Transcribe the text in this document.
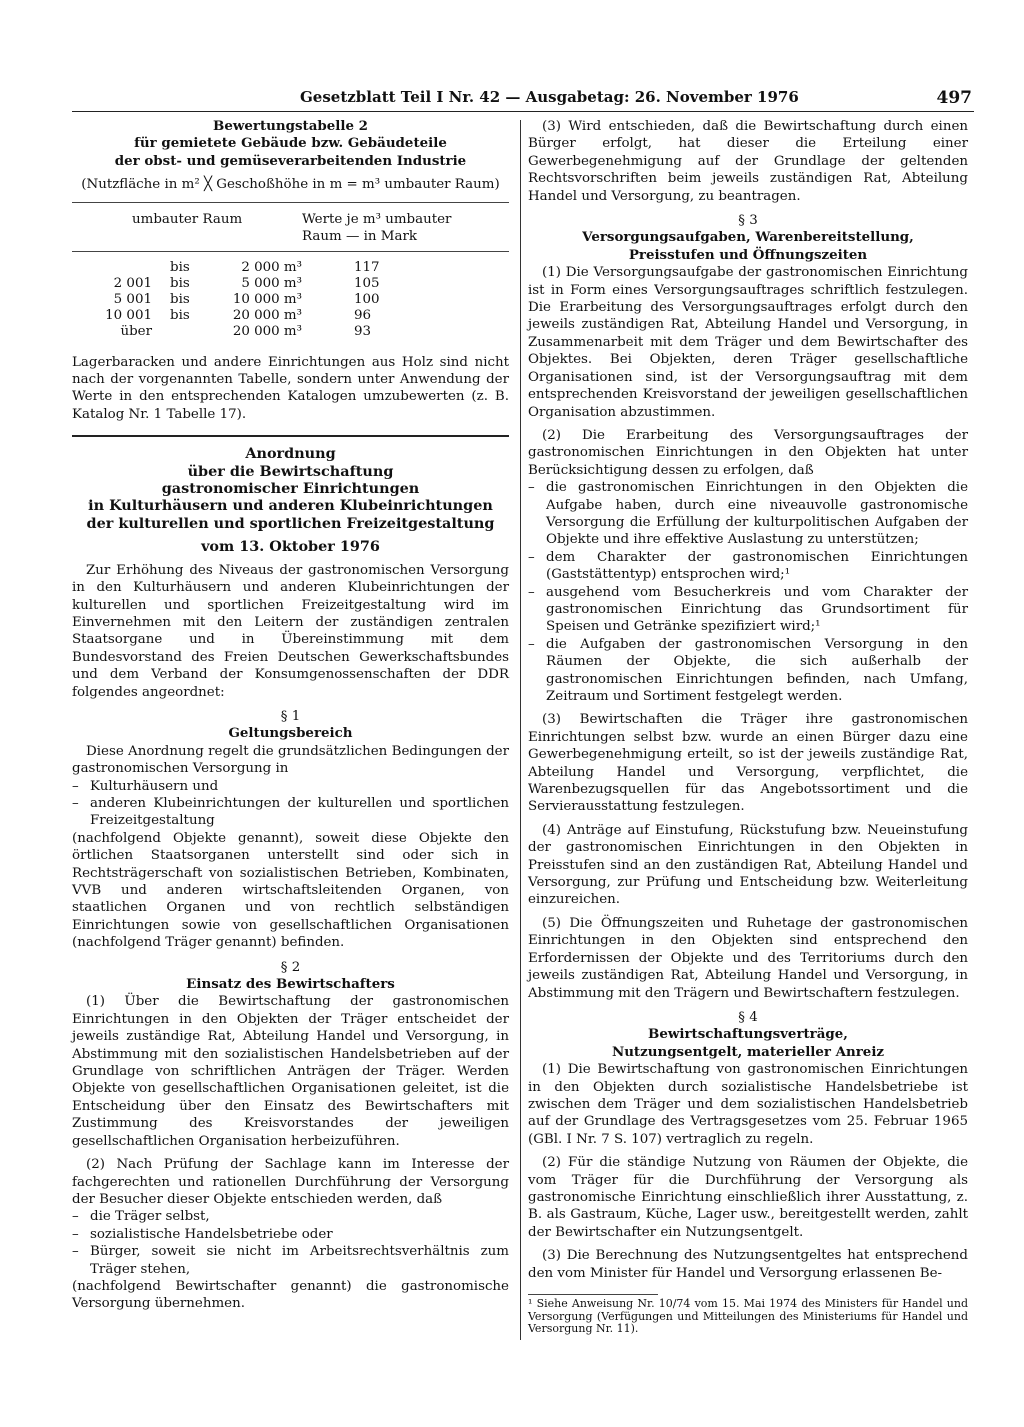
Gesetzblatt Teil I Nr. 42 — Ausgabetag: 26. November 1976	497

Bewertungstabelle 2

für gemietete Gebäude bzw. Gebäudeteile

der obst- und gemüseverarbeitenden Industrie

(Nutzfläche in m² ╳ Geschoßhöhe in m = m³ umbauter Raum)

umbauter Raum			Werte je m³ umbauter
Raum — in Mark

	bis	2 000 m³	117
2 001	bis	5 000 m³	105
5 001	bis	10 000 m³	100
10 001	bis	20 000 m³	96
über		20 000 m³	93

Lagerbaracken und andere Einrichtungen aus Holz sind nicht nach der vorgenannten Tabelle, sondern unter Anwendung der Werte in den entsprechenden Katalogen umzubewerten (z. B. Katalog Nr. 1 Tabelle 17).

Anordnung

über die Bewirtschaftung

gastronomischer Einrichtungen

in Kulturhäusern und anderen Klubeinrichtungen

der kulturellen und sportlichen Freizeitgestaltung

vom 13. Oktober 1976

Zur Erhöhung des Niveaus der gastronomischen Versorgung in den Kulturhäusern und anderen Klubeinrichtungen der kulturellen und sportlichen Freizeitgestaltung wird im Einvernehmen mit den Leitern der zuständigen zentralen Staatsorgane und in Übereinstimmung mit dem Bundesvorstand des Freien Deutschen Gewerkschaftsbundes und dem Verband der Konsumgenossenschaften der DDR folgendes angeordnet:

§ 1

Geltungsbereich

Diese Anordnung regelt die grundsätzlichen Bedingungen der gastronomischen Versorgung in

– Kulturhäusern und
– anderen Klubeinrichtungen der kulturellen und sportlichen Freizeitgestaltung

(nachfolgend Objekte genannt), soweit diese Objekte den örtlichen Staatsorganen unterstellt sind oder sich in Rechtsträgerschaft von sozialistischen Betrieben, Kombinaten, VVB und anderen wirtschaftsleitenden Organen, von staatlichen Organen und von rechtlich selbständigen Einrichtungen sowie von gesellschaftlichen Organisationen (nachfolgend Träger genannt) befinden.

§ 2

Einsatz des Bewirtschafters

(1) Über die Bewirtschaftung der gastronomischen Einrichtungen in den Objekten der Träger entscheidet der jeweils zuständige Rat, Abteilung Handel und Versorgung, in Abstimmung mit den sozialistischen Handelsbetrieben auf der Grundlage von schriftlichen Anträgen der Träger. Werden Objekte von gesellschaftlichen Organisationen geleitet, ist die Entscheidung über den Einsatz des Bewirtschafters mit Zustimmung des Kreisvorstandes der jeweiligen gesellschaftlichen Organisation herbeizuführen.

(2) Nach Prüfung der Sachlage kann im Interesse der fachgerechten und rationellen Durchführung der Versorgung der Besucher dieser Objekte entschieden werden, daß

– die Träger selbst,
– sozialistische Handelsbetriebe oder
– Bürger, soweit sie nicht im Arbeitsrechtsverhältnis zum Träger stehen,

(nachfolgend Bewirtschafter genannt) die gastronomische Versorgung übernehmen.

(3) Wird entschieden, daß die Bewirtschaftung durch einen Bürger erfolgt, hat dieser die Erteilung einer Gewerbegenehmigung auf der Grundlage der geltenden Rechtsvorschriften beim jeweils zuständigen Rat, Abteilung Handel und Versorgung, zu beantragen.

§ 3

Versorgungsaufgaben, Warenbereitstellung,

Preisstufen und Öffnungszeiten

(1) Die Versorgungsaufgabe der gastronomischen Einrichtung ist in Form eines Versorgungsauftrages schriftlich festzulegen. Die Erarbeitung des Versorgungsauftrages erfolgt durch den jeweils zuständigen Rat, Abteilung Handel und Versorgung, in Zusammenarbeit mit dem Träger und dem Bewirtschafter des Objektes. Bei Objekten, deren Träger gesellschaftliche Organisationen sind, ist der Versorgungsauftrag mit dem entsprechenden Kreisvorstand der jeweiligen gesellschaftlichen Organisation abzustimmen.

(2) Die Erarbeitung des Versorgungsauftrages der gastronomischen Einrichtungen in den Objekten hat unter Berücksichtigung dessen zu erfolgen, daß

– die gastronomischen Einrichtungen in den Objekten die Aufgabe haben, durch eine niveauvolle gastronomische Versorgung die Erfüllung der kulturpolitischen Aufgaben der Objekte und ihre effektive Auslastung zu unterstützen;
– dem Charakter der gastronomischen Einrichtungen (Gaststättentyp) entsprochen wird;¹
– ausgehend vom Besucherkreis und vom Charakter der gastronomischen Einrichtung das Grundsortiment für Speisen und Getränke spezifiziert wird;¹
– die Aufgaben der gastronomischen Versorgung in den Räumen der Objekte, die sich außerhalb der gastronomischen Einrichtungen befinden, nach Umfang, Zeitraum und Sortiment festgelegt werden.

(3) Bewirtschaften die Träger ihre gastronomischen Einrichtungen selbst bzw. wurde an einen Bürger dazu eine Gewerbegenehmigung erteilt, so ist der jeweils zuständige Rat, Abteilung Handel und Versorgung, verpflichtet, die Warenbezugsquellen für das Angebotssortiment und die Servierausstattung festzulegen.

(4) Anträge auf Einstufung, Rückstufung bzw. Neueinstufung der gastronomischen Einrichtungen in den Objekten in Preisstufen sind an den zuständigen Rat, Abteilung Handel und Versorgung, zur Prüfung und Entscheidung bzw. Weiterleitung einzureichen.

(5) Die Öffnungszeiten und Ruhetage der gastronomischen Einrichtungen in den Objekten sind entsprechend den Erfordernissen der Objekte und des Territoriums durch den jeweils zuständigen Rat, Abteilung Handel und Versorgung, in Abstimmung mit den Trägern und Bewirtschaftern festzulegen.

§ 4

Bewirtschaftungsverträge,

Nutzungsentgelt, materieller Anreiz

(1) Die Bewirtschaftung von gastronomischen Einrichtungen in den Objekten durch sozialistische Handelsbetriebe ist zwischen dem Träger und dem sozialistischen Handelsbetrieb auf der Grundlage des Vertragsgesetzes vom 25. Februar 1965 (GBl. I Nr. 7 S. 107) vertraglich zu regeln.

(2) Für die ständige Nutzung von Räumen der Objekte, die vom Träger für die Durchführung der Versorgung als gastronomische Einrichtung einschließlich ihrer Ausstattung, z. B. als Gastraum, Küche, Lager usw., bereitgestellt werden, zahlt der Bewirtschafter ein Nutzungsentgelt.

(3) Die Berechnung des Nutzungsentgeltes hat entsprechend den vom Minister für Handel und Versorgung erlassenen Be-

¹ Siehe Anweisung Nr. 10/74 vom 15. Mai 1974 des Ministers für Handel und Versorgung (Verfügungen und Mitteilungen des Ministeriums für Handel und Versorgung Nr. 11).
